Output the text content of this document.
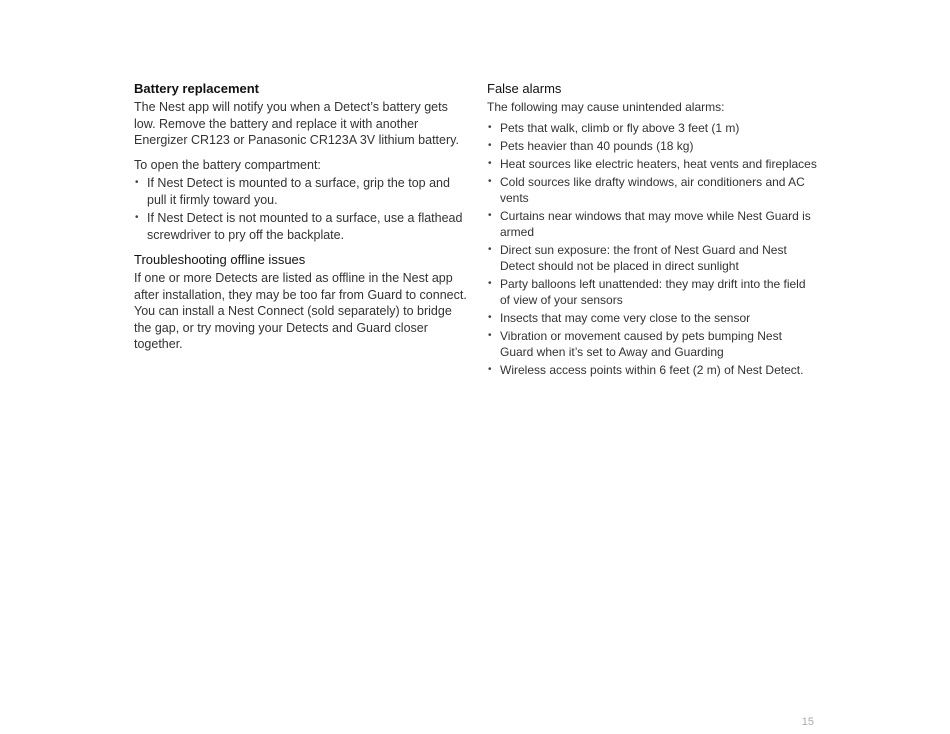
Battery replacement

The Nest app will notify you when a Detect’s battery gets low. Remove the battery and replace it with another Energizer CR123 or Panasonic CR123A 3V lithium battery.

To open the battery compartment:

• If Nest Detect is mounted to a surface, grip the top and pull it firmly toward you.
• If Nest Detect is not mounted to a surface, use a flathead screwdriver to pry off the backplate.
Troubleshooting offline issues

If one or more Detects are listed as offline in the Nest app after installation, they may be too far from Guard to connect. You can install a Nest Connect (sold separately) to bridge the gap, or try moving your Detects and Guard closer together.

False alarms

The following may cause unintended alarms:

• Pets that walk, climb or fly above 3 feet (1 m)
• Pets heavier than 40 pounds (18 kg)
• Heat sources like electric heaters, heat vents and fireplaces
• Cold sources like drafty windows, air conditioners and AC vents
• Curtains near windows that may move while Nest Guard is armed
• Direct sun exposure: the front of Nest Guard and Nest Detect should not be placed in direct sunlight
• Party balloons left unattended: they may drift into the field of view of your sensors
• Insects that may come very close to the sensor
• Vibration or movement caused by pets bumping Nest Guard when it’s set to Away and Guarding
• Wireless access points within 6 feet (2 m) of Nest Detect.
15
